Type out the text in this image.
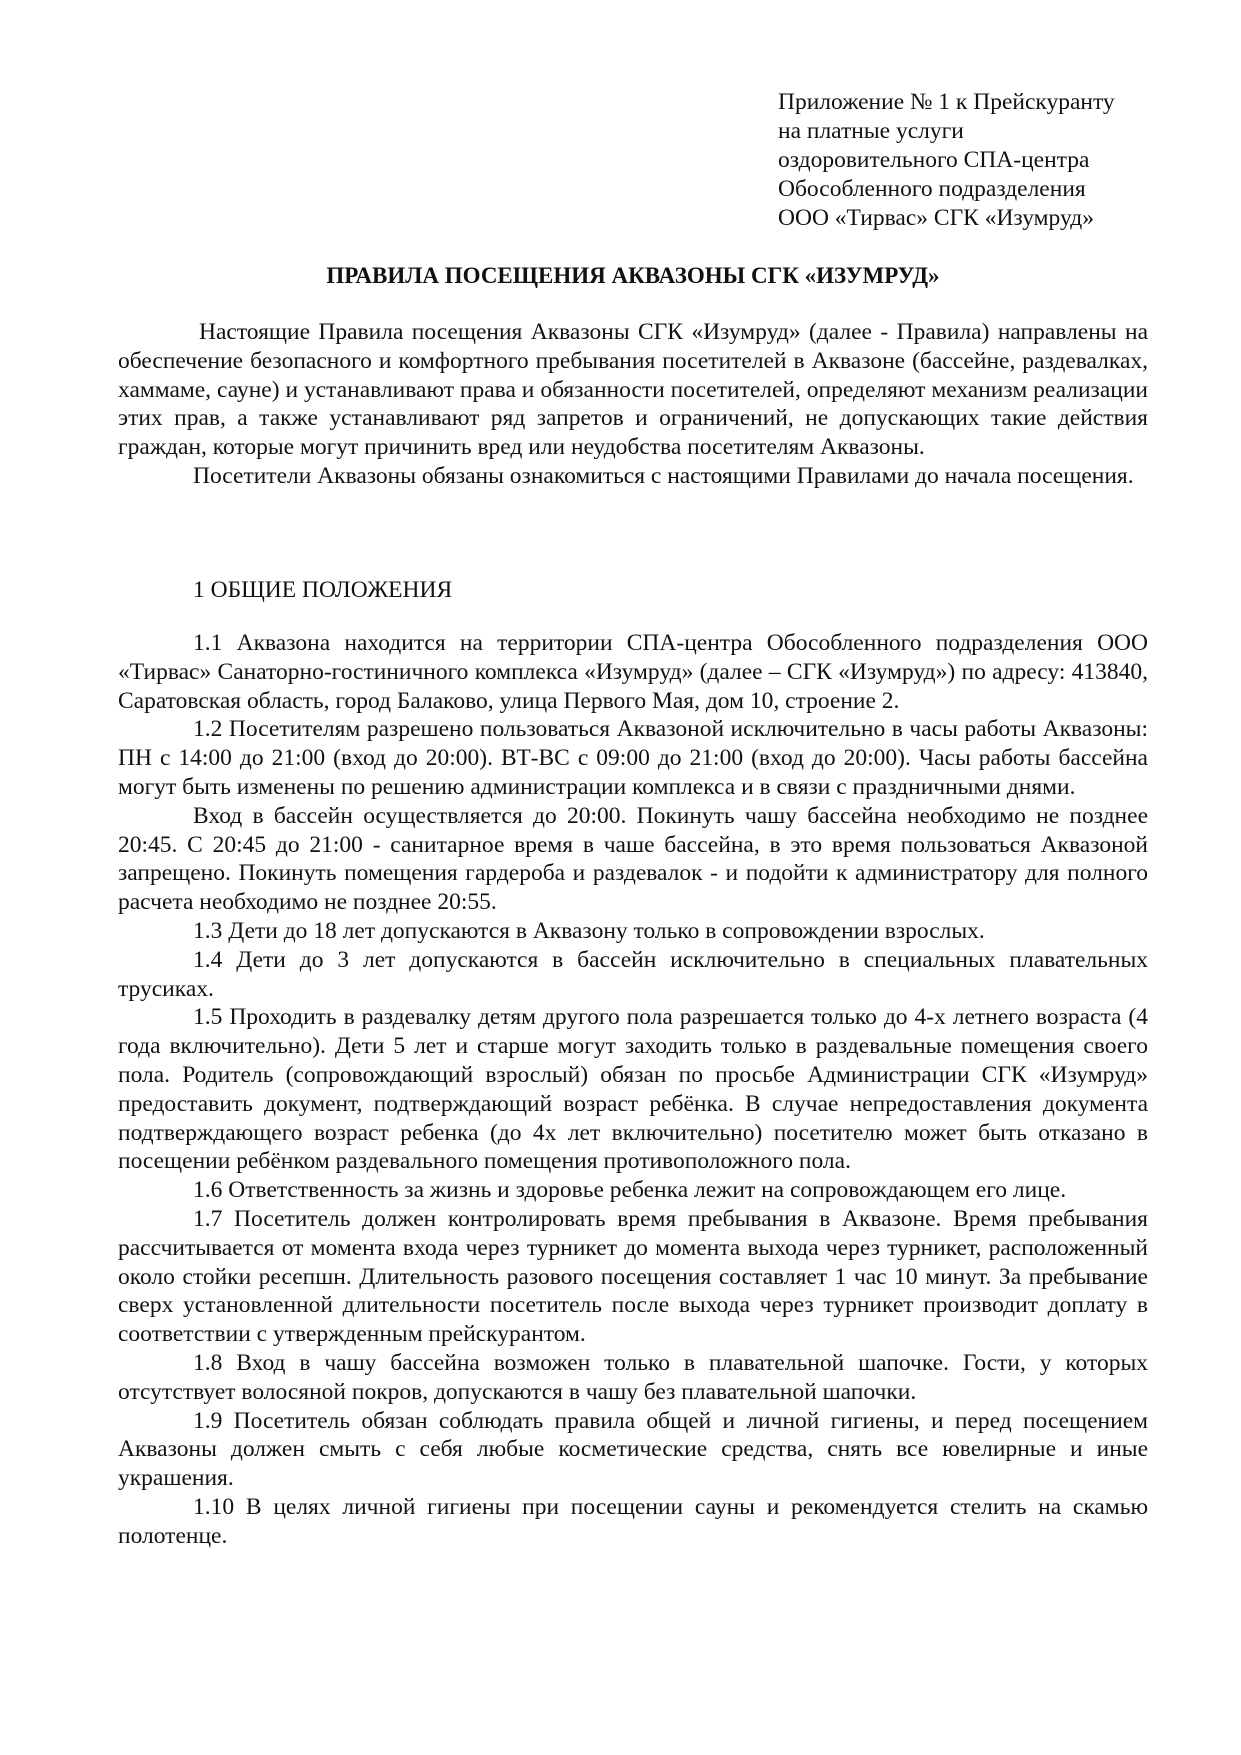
Приложение № 1 к Прейскуранту
на платные услуги
оздоровительного СПА-центра
Обособленного подразделения
ООО «Тирвас» СГК «Изумруд»
ПРАВИЛА ПОСЕЩЕНИЯ АКВАЗОНЫ СГК «ИЗУМРУД»

Настоящие Правила посещения Аквазоны СГК «Изумруд» (далее - Правила) направлены на обеспечение безопасного и комфортного пребывания посетителей в Аквазоне (бассейне, раздевалках, хаммаме, сауне) и устанавливают права и обязанности посетителей, определяют механизм реализации этих прав, а также устанавливают ряд запретов и ограничений, не допускающих такие действия граждан, которые могут причинить вред или неудобства посетителям Аквазоны.

Посетители Аквазоны обязаны ознакомиться с настоящими Правилами до начала посещения.

1 ОБЩИЕ ПОЛОЖЕНИЯ

1.1 Аквазона находится на территории СПА-центра Обособленного подразделения ООО «Тирвас» Санаторно-гостиничного комплекса «Изумруд» (далее – СГК «Изумруд») по адресу: 413840, Саратовская область, город Балаково, улица Первого Мая, дом 10, строение 2.

1.2 Посетителям разрешено пользоваться Аквазоной исключительно в часы работы Аквазоны: ПН с 14:00 до 21:00 (вход до 20:00). ВТ-ВС с 09:00 до 21:00 (вход до 20:00). Часы работы бассейна могут быть изменены по решению администрации комплекса и в связи с праздничными днями.

Вход в бассейн осуществляется до 20:00. Покинуть чашу бассейна необходимо не позднее 20:45. С 20:45 до 21:00 - санитарное время в чаше бассейна, в это время пользоваться Аквазоной запрещено. Покинуть помещения гардероба и раздевалок - и подойти к администратору для полного расчета необходимо не позднее 20:55.

1.3 Дети до 18 лет допускаются в Аквазону только в сопровождении взрослых.

1.4 Дети до 3 лет допускаются в бассейн исключительно в специальных плавательных трусиках.

1.5 Проходить в раздевалку детям другого пола разрешается только до 4-х летнего возраста (4 года включительно). Дети 5 лет и старше могут заходить только в раздевальные помещения своего пола. Родитель (сопровождающий взрослый) обязан по просьбе Администрации СГК «Изумруд» предоставить документ, подтверждающий возраст ребёнка. В случае непредоставления документа подтверждающего возраст ребенка (до 4х лет включительно) посетителю может быть отказано в посещении ребёнком раздевального помещения противоположного пола.

1.6 Ответственность за жизнь и здоровье ребенка лежит на сопровождающем его лице.

1.7 Посетитель должен контролировать время пребывания в Аквазоне. Время пребывания рассчитывается от момента входа через турникет до момента выхода через турникет, расположенный около стойки ресепшн. Длительность разового посещения составляет 1 час 10 минут. За пребывание сверх установленной длительности посетитель после выхода через турникет производит доплату в соответствии с утвержденным прейскурантом.

1.8 Вход в чашу бассейна возможен только в плавательной шапочке. Гости, у которых отсутствует волосяной покров, допускаются в чашу без плавательной шапочки.

1.9 Посетитель обязан соблюдать правила общей и личной гигиены, и перед посещением Аквазоны должен смыть с себя любые косметические средства, снять все ювелирные и иные украшения.

1.10 В целях личной гигиены при посещении сауны и рекомендуется стелить на скамью полотенце.
